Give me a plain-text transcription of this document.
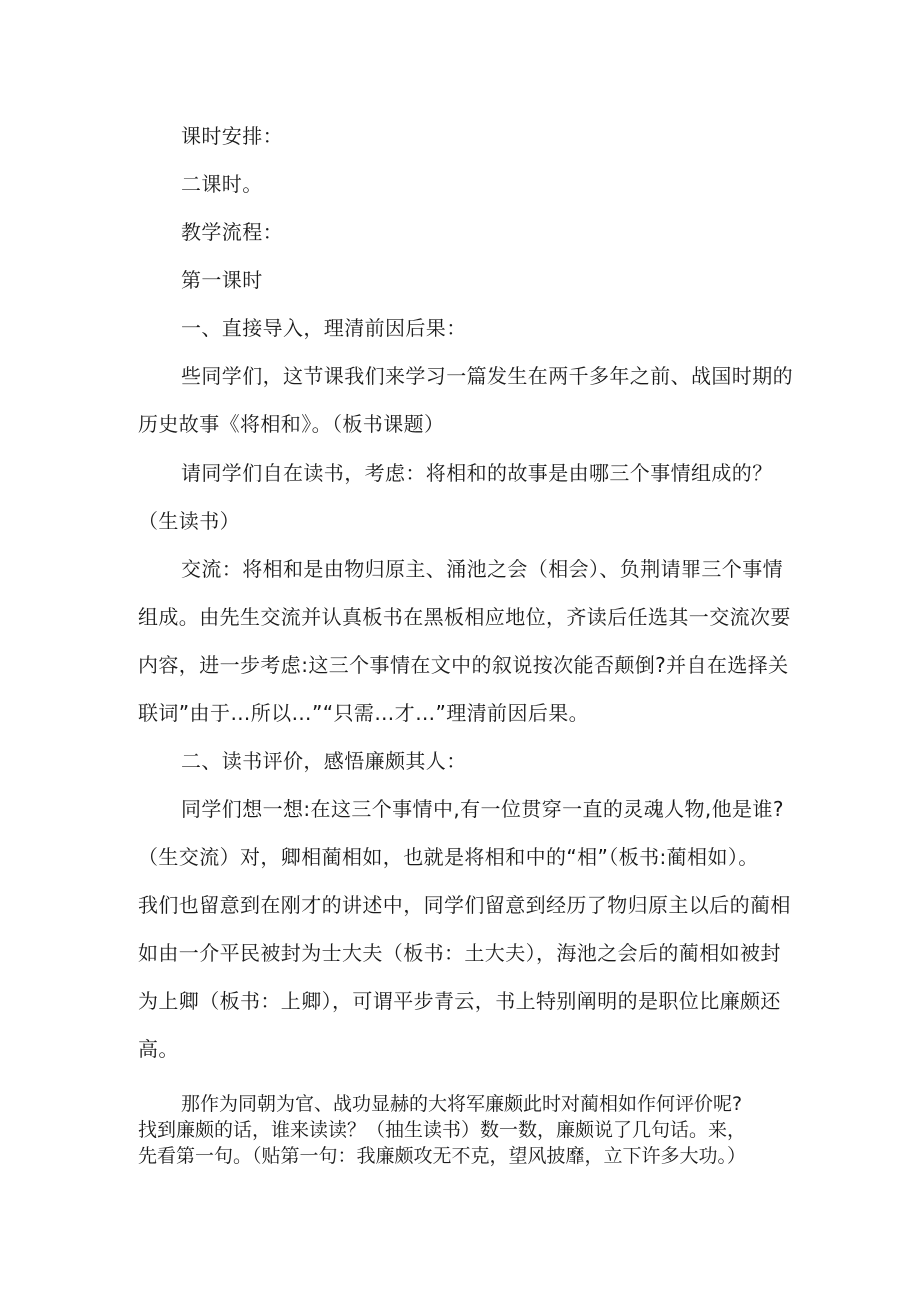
课时安排：

二课时。

教学流程：

第一课时

一、直接导入，理清前因后果：

些同学们，这节课我们来学习一篇发生在两千多年之前、战国时期的

历史故事《将相和》。（板书课题）

请同学们自在读书，考虑：将相和的故事是由哪三个事情组成的？

（生读书）

交流：将相和是由物归原主、涌池之会（相会）、负荆请罪三个事情

组成。由先生交流并认真板书在黑板相应地位，齐读后任选其一交流次要

内容，进一步考虑:这三个事情在文中的叙说按次能否颠倒?并自在选择关

联词”由于…所以…”“只需…才…”理清前因后果。

二、读书评价，感悟廉颇其人：

同学们想一想:在这三个事情中,有一位贯穿一直的灵魂人物,他是谁?

（生交流）对，卿相蔺相如，也就是将相和中的“相”（板书:蔺相如）。

我们也留意到在刚才的讲述中，同学们留意到经历了物归原主以后的蔺相

如由一介平民被封为士大夫（板书：土大夫），海池之会后的蔺相如被封

为上卿（板书：上卿），可谓平步青云，书上特别阐明的是职位比廉颇还

高。

那作为同朝为官、战功显赫的大将军廉颇此时对蔺相如作何评价呢?

找到廉颇的话，谁来读读？（抽生读书）数一数，廉颇说了几句话。来，

先看第一句。（贴第一句：我廉颇攻无不克，望风披靡，立下许多大功。）
